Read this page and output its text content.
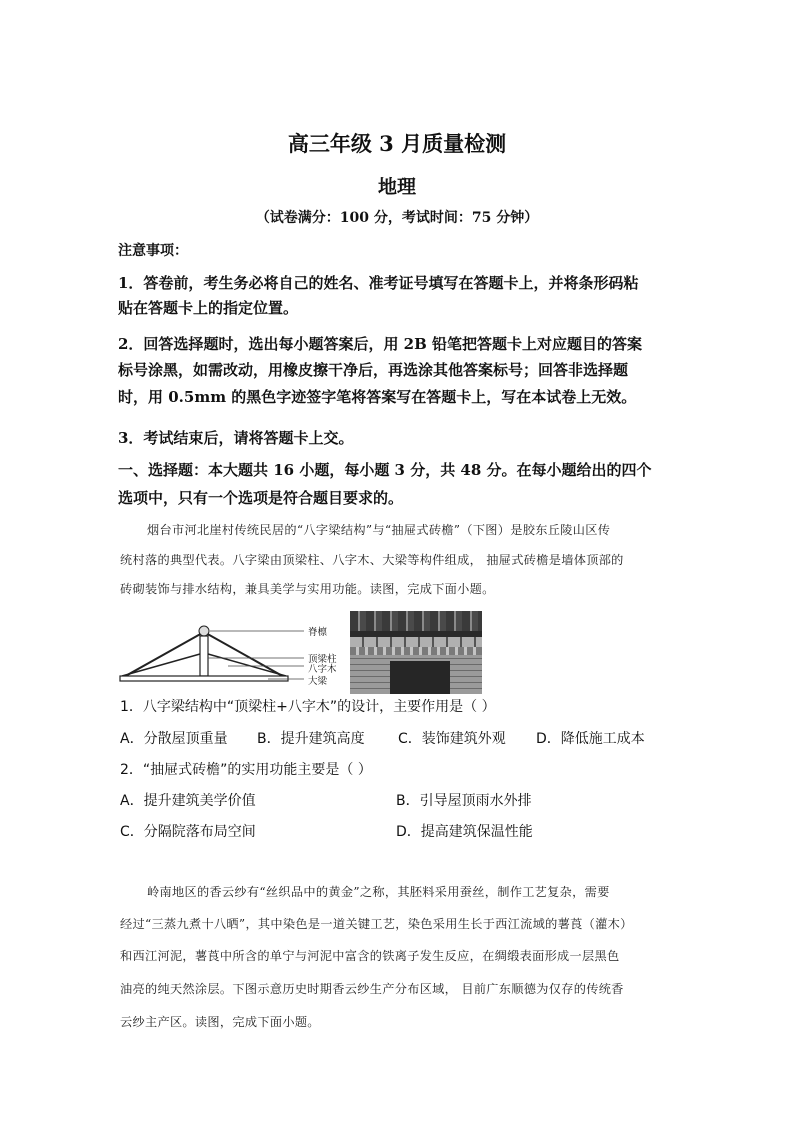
高三年级 3 月质量检测
地理
（试卷满分：100 分，考试时间：75 分钟）
注意事项：
1．答卷前，考生务必将自己的姓名、准考证号填写在答题卡上，并将条形码粘
贴在答题卡上的指定位置。
2．回答选择题时，选出每小题答案后，用 2B 铅笔把答题卡上对应题目的答案
标号涂黑，如需改动，用橡皮擦干净后，再选涂其他答案标号；回答非选择题
时，用 0.5mm 的黑色字迹签字笔将答案写在答题卡上，写在本试卷上无效。
3．考试结束后，请将答题卡上交。
一、选择题：本大题共 16 小题，每小题 3 分，共 48 分。在每小题给出的四个
选项中，只有一个选项是符合题目要求的。
烟台市河北崖村传统民居的“八字梁结构”与“抽屉式砖檐”（下图）是胶东丘陵山区传
统村落的典型代表。八字梁由顶梁柱、八字木、大梁等构件组成， 抽屉式砖檐是墙体顶部的
砖砌装饰与排水结构，兼具美学与实用功能。读图，完成下面小题。
脊檩
顶梁柱
八字木
大梁
1．八字梁结构中“顶梁柱+八字木”的设计，主要作用是（ ）
A．分散屋顶重量 B．提升建筑高度 C．装饰建筑外观 D．降低施工成本
2．“抽屉式砖檐”的实用功能主要是（ ）
A．提升建筑美学价值	B．引导屋顶雨水外排
C．分隔院落布局空间	D．提高建筑保温性能
岭南地区的香云纱有“丝织品中的黄金”之称，其胚料采用蚕丝，制作工艺复杂，需要
经过“三蒸九煮十八晒”，其中染色是一道关键工艺，染色采用生长于西江流域的薯莨（灌木）
和西江河泥，薯莨中所含的单宁与河泥中富含的铁离子发生反应，在绸缎表面形成一层黑色
油亮的纯天然涂层。下图示意历史时期香云纱生产分布区域， 目前广东顺德为仅存的传统香
云纱主产区。读图，完成下面小题。
